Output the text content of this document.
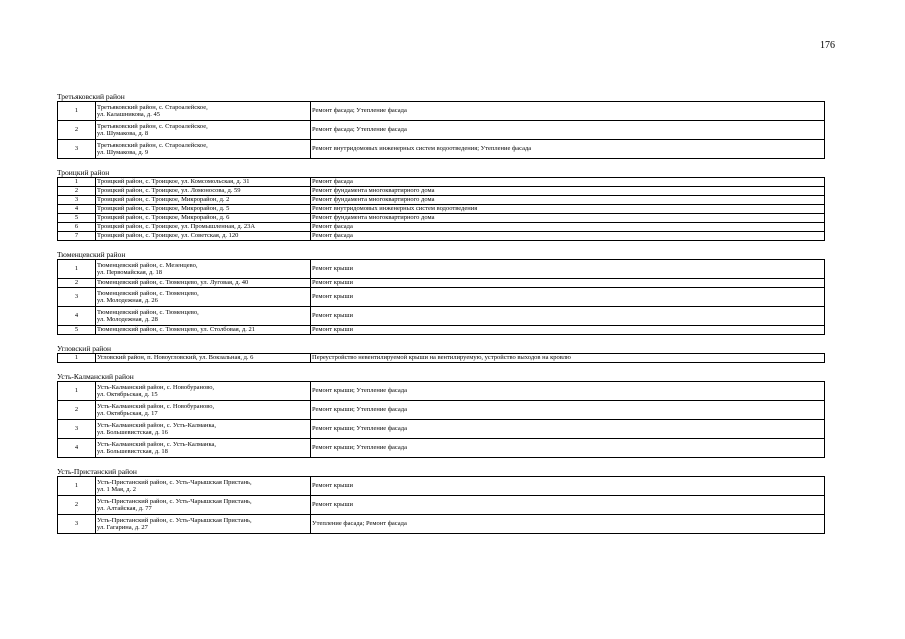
176
Третьяковский район
1	Третьяковский район, с. Староалейское,
ул. Калашникова, д. 45	Ремонт фасада; Утепление фасада
2	Третьяковский район, с. Староалейское,
ул. Шумакова, д. 8	Ремонт фасада; Утепление фасада
3	Третьяковский район, с. Староалейское,
ул. Шумакова, д. 9	Ремонт внутридомовых инженерных систем водоотведения; Утепление фасада
Троицкий район
1	Троицкий район, с. Троицкое, ул. Комсомольская, д. 31	Ремонт фасада
2	Троицкий район, с. Троицкое, ул. Ломоносова, д. 59	Ремонт фундамента многоквартирного дома
3	Троицкий район, с. Троицкое, Микрорайон, д. 2	Ремонт фундамента многоквартирного дома
4	Троицкий район, с. Троицкое, Микрорайон, д. 5	Ремонт внутридомовых инженерных систем водоотведения
5	Троицкий район, с. Троицкое, Микрорайон, д. 6	Ремонт фундамента многоквартирного дома
6	Троицкий район, с. Троицкое, ул. Промышленная, д. 23А	Ремонт фасада
7	Троицкий район, с. Троицкое, ул. Советская, д. 120	Ремонт фасада
Тюменцевский район
1	Тюменцевский район, с. Мезенцево,
ул. Первомайская, д. 18	Ремонт крыши
2	Тюменцевский район, с. Тюменцево, ул. Луговая, д. 40	Ремонт крыши
3	Тюменцевский район, с. Тюменцево,
ул. Молодежная, д. 26	Ремонт крыши
4	Тюменцевский район, с. Тюменцево,
ул. Молодежная, д. 28	Ремонт крыши
5	Тюменцевский район, с. Тюменцево, ул. Столбовая, д. 21	Ремонт крыши
Угловский район
1	Угловский район, п. Новоугловский, ул. Вокзальная, д. 6	Переустройство невентилируемой крыши на вентилируемую, устройство выходов на кровлю
Усть-Калманский район
1	Усть-Калманский район, с. Новобураново,
ул. Октябрьская, д. 15	Ремонт крыши; Утепление фасада
2	Усть-Калманский район, с. Новобураново,
ул. Октябрьская, д. 17	Ремонт крыши; Утепление фасада
3	Усть-Калманский район, с. Усть-Калманка,
ул. Большевистская, д. 16	Ремонт крыши; Утепление фасада
4	Усть-Калманский район, с. Усть-Калманка,
ул. Большевистская, д. 18	Ремонт крыши; Утепление фасада
Усть-Пристанский район
1	Усть-Пристанский район, с. Усть-Чарышская Пристань,
ул. 1 Мая, д. 2	Ремонт крыши
2	Усть-Пристанский район, с. Усть-Чарышская Пристань,
ул. Алтайская, д. 77	Ремонт крыши
3	Усть-Пристанский район, с. Усть-Чарышская Пристань,
ул. Гагарина, д. 27	Утепление фасада; Ремонт фасада
